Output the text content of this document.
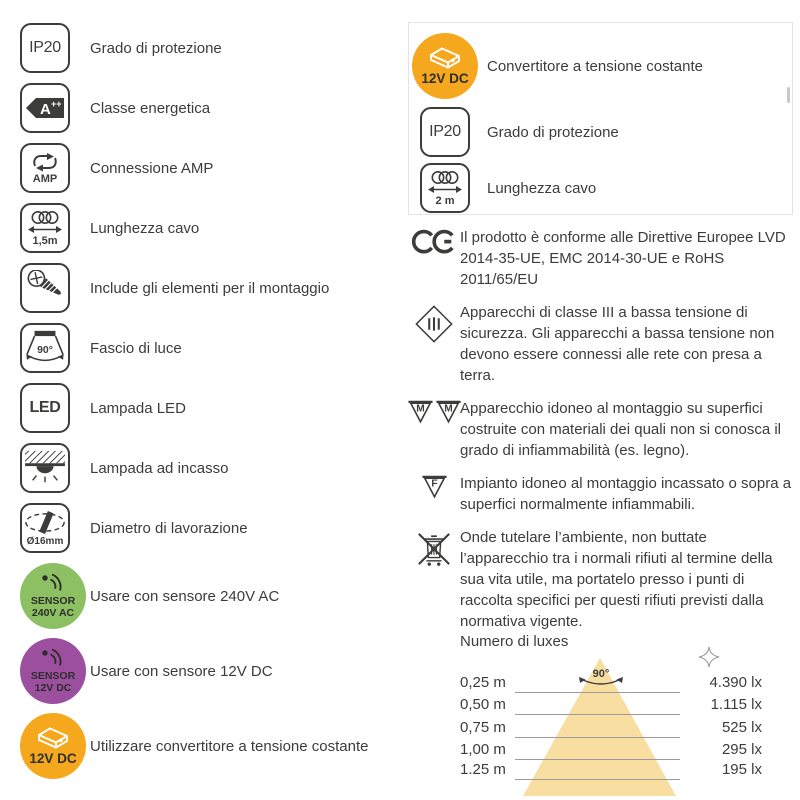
IP20 Grado di protezione
A ++ Classe energetica
AMP
Connessione AMP
1,5m
Lunghezza cavo
Include gli elementi per il montaggio
90° Fascio di luce
LED Lampada LED
Lampada ad incasso
Ø16mm
Diametro di lavorazione
SENSOR
240V AC
Usare con sensore 240V AC
SENSOR
12V DC
Usare con sensore 12V DC
12V DC
Utilizzare convertitore a tensione costante
12V DC
Convertitore a tensione costante
IP20 Grado di protezione
2 m
Lunghezza cavo
Il prodotto è conforme alle Direttive Europee LVD 2014-35-UE, EMC 2014-30-UE e RoHS 2011/65/EU
Apparecchi di classe III a bassa tensione di sicurezza. Gli apparecchi a bassa tensione non devono essere connessi alle rete con presa a terra.
M M Apparecchio idoneo al montaggio su superfici costruite con materiali dei quali non si conosca il grado di infiammabilità (es. legno).
F Impianto idoneo al montaggio incassato o sopra a superfici normalmente infiammabili.
Onde tutelare l’ambiente, non buttate l’apparecchio tra i normali rifiuti al termine della sua vita utile, ma portatelo presso i punti di raccolta specifici per questi rifiuti previsti dalla normativa vigente.
Numero di luxes
0,25 m
0,50 m
0,75 m
1,00 m
1.25 m
4.390 lx
1.115 lx
525 lx
295 lx
195 lx
90°
